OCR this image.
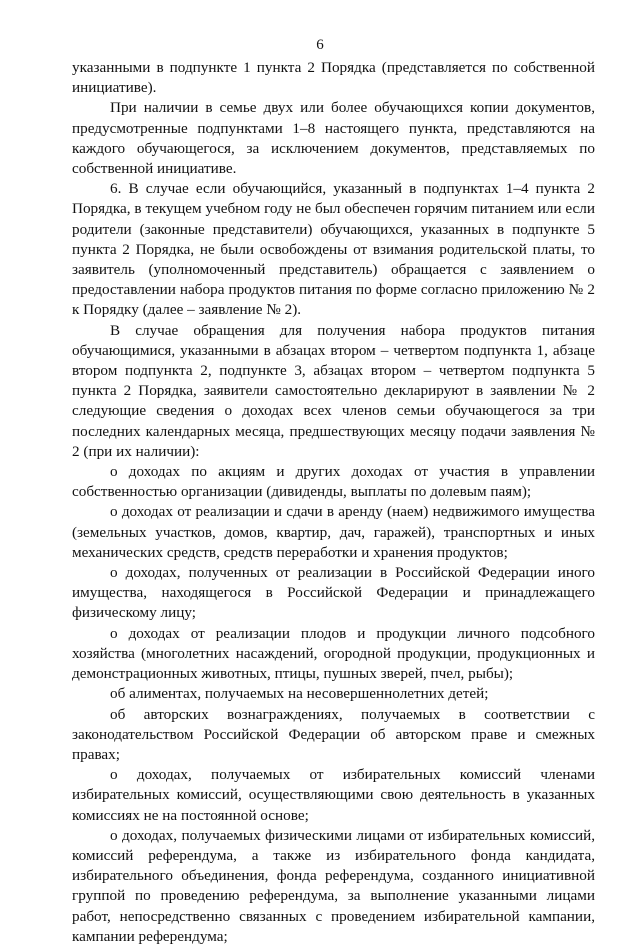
6

указанными в подпункте 1 пункта 2 Порядка (представляется по собственной инициативе).

При наличии в семье двух или более обучающихся копии документов, предусмотренные подпунктами 1–8 настоящего пункта, представляются на каждого обучающегося, за исключением документов, представляемых по собственной инициативе.

6. В случае если обучающийся, указанный в подпунктах 1–4 пункта 2 Порядка, в текущем учебном году не был обеспечен горячим питанием или если родители (законные представители) обучающихся, указанных в подпункте 5 пункта 2 Порядка, не были освобождены от взимания родительской платы, то заявитель (уполномоченный представитель) обращается с заявлением о предоставлении набора продуктов питания по форме согласно приложению № 2 к Порядку (далее – заявление № 2).

В случае обращения для получения набора продуктов питания обучающимися, указанными в абзацах втором – четвертом подпункта 1, абзаце втором подпункта 2, подпункте 3, абзацах втором – четвертом подпункта 5 пункта 2 Порядка, заявители самостоятельно декларируют в заявлении № 2 следующие сведения о доходах всех членов семьи обучающегося за три последних календарных месяца, предшествующих месяцу подачи заявления № 2 (при их наличии):

о доходах по акциям и других доходах от участия в управлении собственностью организации (дивиденды, выплаты по долевым паям);

о доходах от реализации и сдачи в аренду (наем) недвижимого имущества (земельных участков, домов, квартир, дач, гаражей), транспортных и иных механических средств, средств переработки и хранения продуктов;

о доходах, полученных от реализации в Российской Федерации иного имущества, находящегося в Российской Федерации и принадлежащего физическому лицу;

о доходах от реализации плодов и продукции личного подсобного хозяйства (многолетних насаждений, огородной продукции, продукционных и демонстрационных животных, птицы, пушных зверей, пчел, рыбы);

об алиментах, получаемых на несовершеннолетних детей;

об авторских вознаграждениях, получаемых в соответствии с законодательством Российской Федерации об авторском праве и смежных правах;

о доходах, получаемых от избирательных комиссий членами избирательных комиссий, осуществляющими свою деятельность в указанных комиссиях не на постоянной основе;

о доходах, получаемых физическими лицами от избирательных комиссий, комиссий референдума, а также из избирательного фонда кандидата, избирательного объединения, фонда референдума, созданного инициативной группой по проведению референдума, за выполнение указанными лицами работ, непосредственно связанных с проведением избирательной кампании, кампании референдума;
